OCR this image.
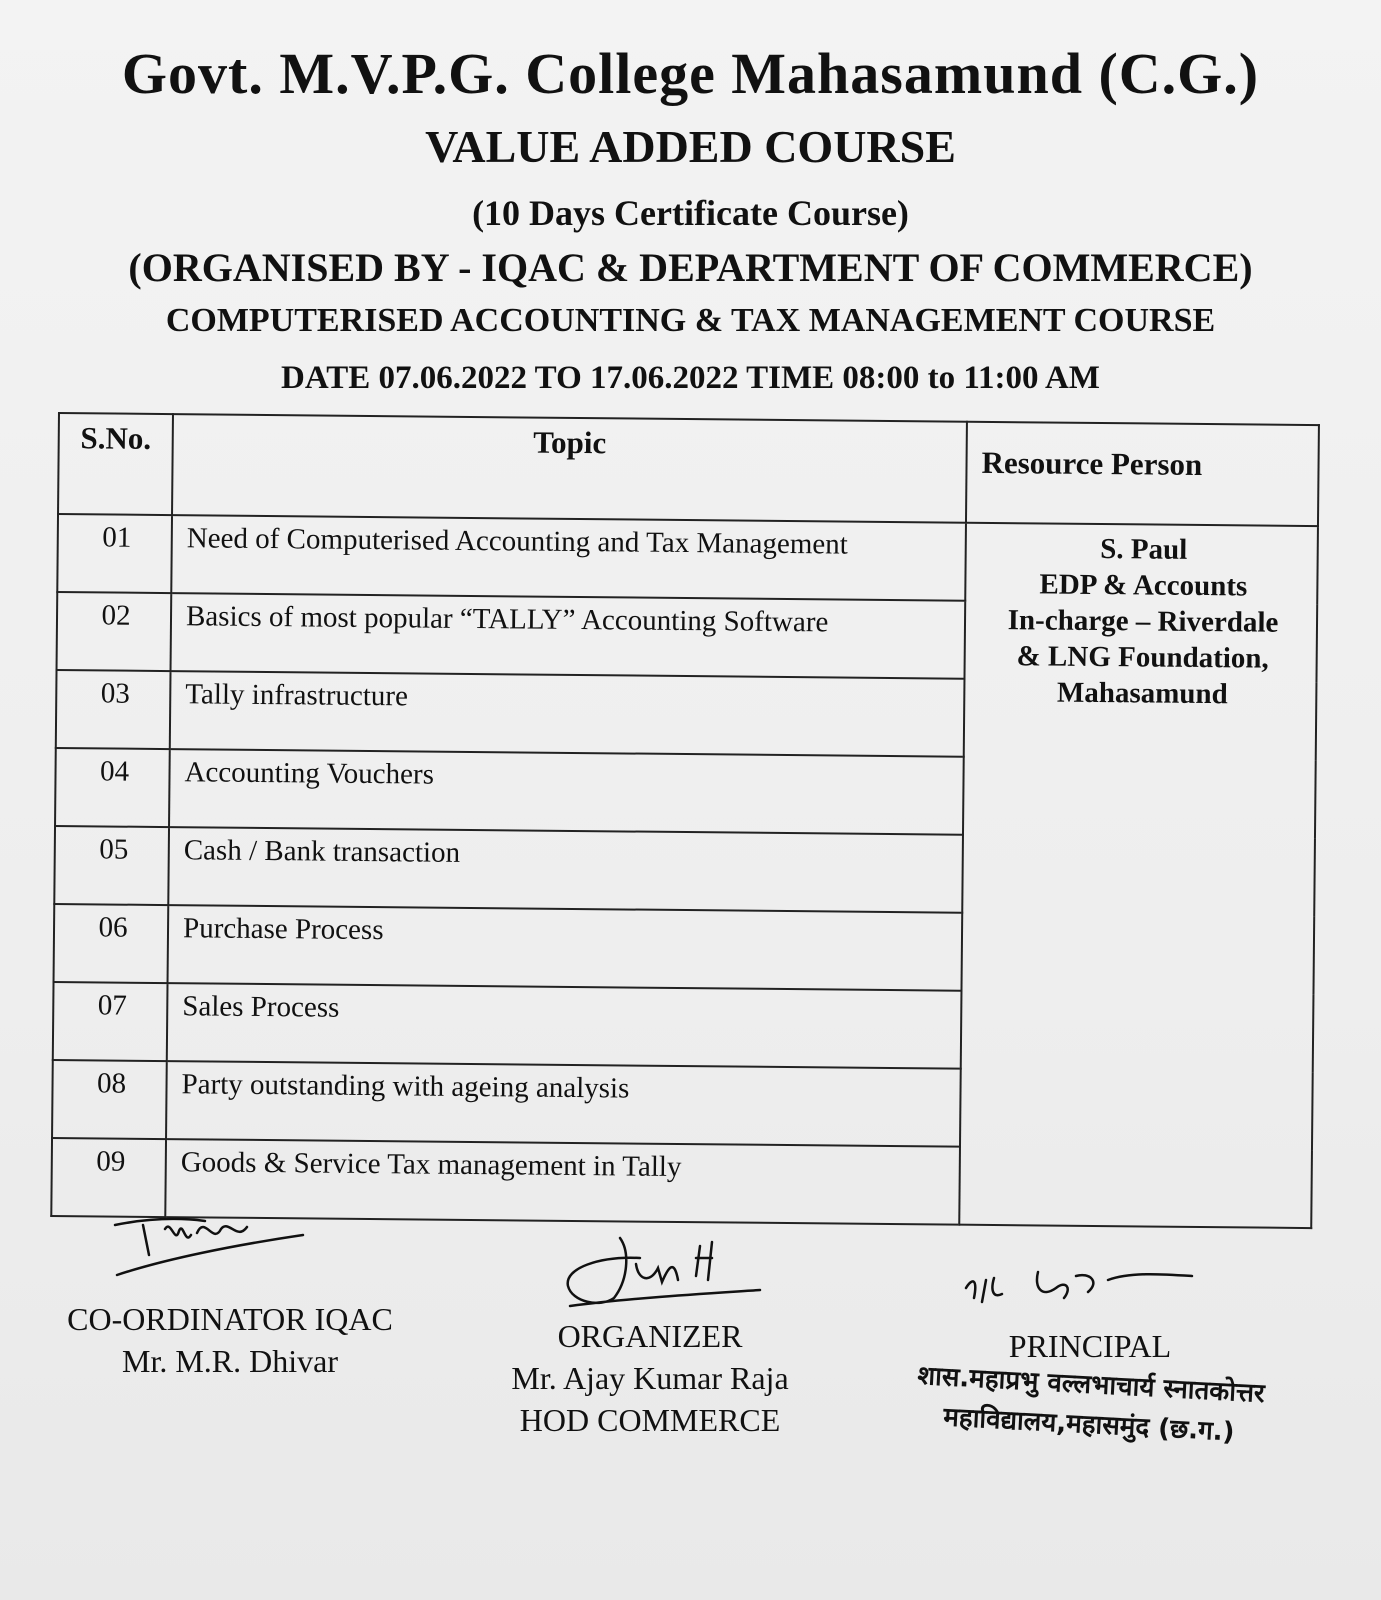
Govt. M.V.P.G. College Mahasamund (C.G.)
VALUE ADDED COURSE
(10 Days Certificate Course)
(ORGANISED BY - IQAC & DEPARTMENT OF COMMERCE)
COMPUTERISED ACCOUNTING & TAX MANAGEMENT COURSE
DATE 07.06.2022 TO 17.06.2022 TIME 08:00 to 11:00 AM
S.No.	Topic	Resource Person
01	Need of Computerised Accounting and Tax Management	S. Paul
EDP & Accounts
In-charge – Riverdale
& LNG Foundation,
Mahasamund

02	Basics of most popular “TALLY” Accounting Software	
03	Tally infrastructure	
04	Accounting Vouchers	
05	Cash / Bank transaction	
06	Purchase Process	
07	Sales Process	
08	Party outstanding with ageing analysis	
09	Goods & Service Tax management in Tally	
CO-ORDINATOR IQAC
Mr. M.R. Dhivar
ORGANIZER
Mr. Ajay Kumar Raja
HOD COMMERCE
PRINCIPAL
शास.महाप्रभु वल्लभाचार्य स्नातकोत्तर
महाविद्यालय,महासमुंद (छ.ग.)
